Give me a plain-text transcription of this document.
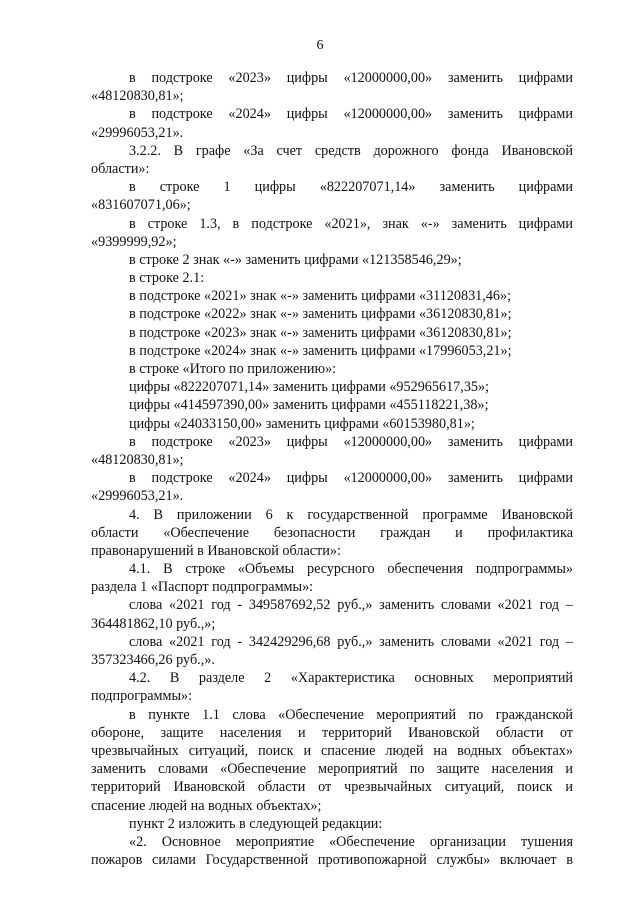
6
в подстроке «2023» цифры «12000000,00» заменить цифрами
«48120830,81»;
в подстроке «2024» цифры «12000000,00» заменить цифрами
«29996053,21».
3.2.2. В графе «За счет средств дорожного фонда Ивановской
области»:
в строке 1 цифры «822207071,14» заменить цифрами
«831607071,06»;
в строке 1.3, в подстроке «2021», знак «-» заменить цифрами
«9399999,92»;
в строке 2 знак «-» заменить цифрами «121358546,29»;
в строке 2.1:
в подстроке «2021» знак «-» заменить цифрами «31120831,46»;
в подстроке «2022» знак «-» заменить цифрами «36120830,81»;
в подстроке «2023» знак «-» заменить цифрами «36120830,81»;
в подстроке «2024» знак «-» заменить цифрами «17996053,21»;
в строке «Итого по приложению»:
цифры «822207071,14» заменить цифрами «952965617,35»;
цифры «414597390,00» заменить цифрами «455118221,38»;
цифры «24033150,00» заменить цифрами «60153980,81»;
в подстроке «2023» цифры «12000000,00» заменить цифрами
«48120830,81»;
в подстроке «2024» цифры «12000000,00» заменить цифрами
«29996053,21».
4. В приложении 6 к государственной программе Ивановской
области «Обеспечение безопасности граждан и профилактика
правонарушений в Ивановской области»:
4.1. В строке «Объемы ресурсного обеспечения подпрограммы»
раздела 1 «Паспорт подпрограммы»:
слова «2021 год - 349587692,52 руб.,» заменить словами «2021 год –
364481862,10 руб.,»;
слова «2021 год - 342429296,68 руб.,» заменить словами «2021 год –
357323466,26 руб.,».
4.2. В разделе 2 «Характеристика основных мероприятий
подпрограммы»:
в пункте 1.1 слова «Обеспечение мероприятий по гражданской
обороне, защите населения и территорий Ивановской области от
чрезвычайных ситуаций, поиск и спасение людей на водных объектах»
заменить словами «Обеспечение мероприятий по защите населения и
территорий Ивановской области от чрезвычайных ситуаций, поиск и
спасение людей на водных объектах»;
пункт 2 изложить в следующей редакции:
«2. Основное мероприятие «Обеспечение организации тушения
пожаров силами Государственной противопожарной службы» включает в
